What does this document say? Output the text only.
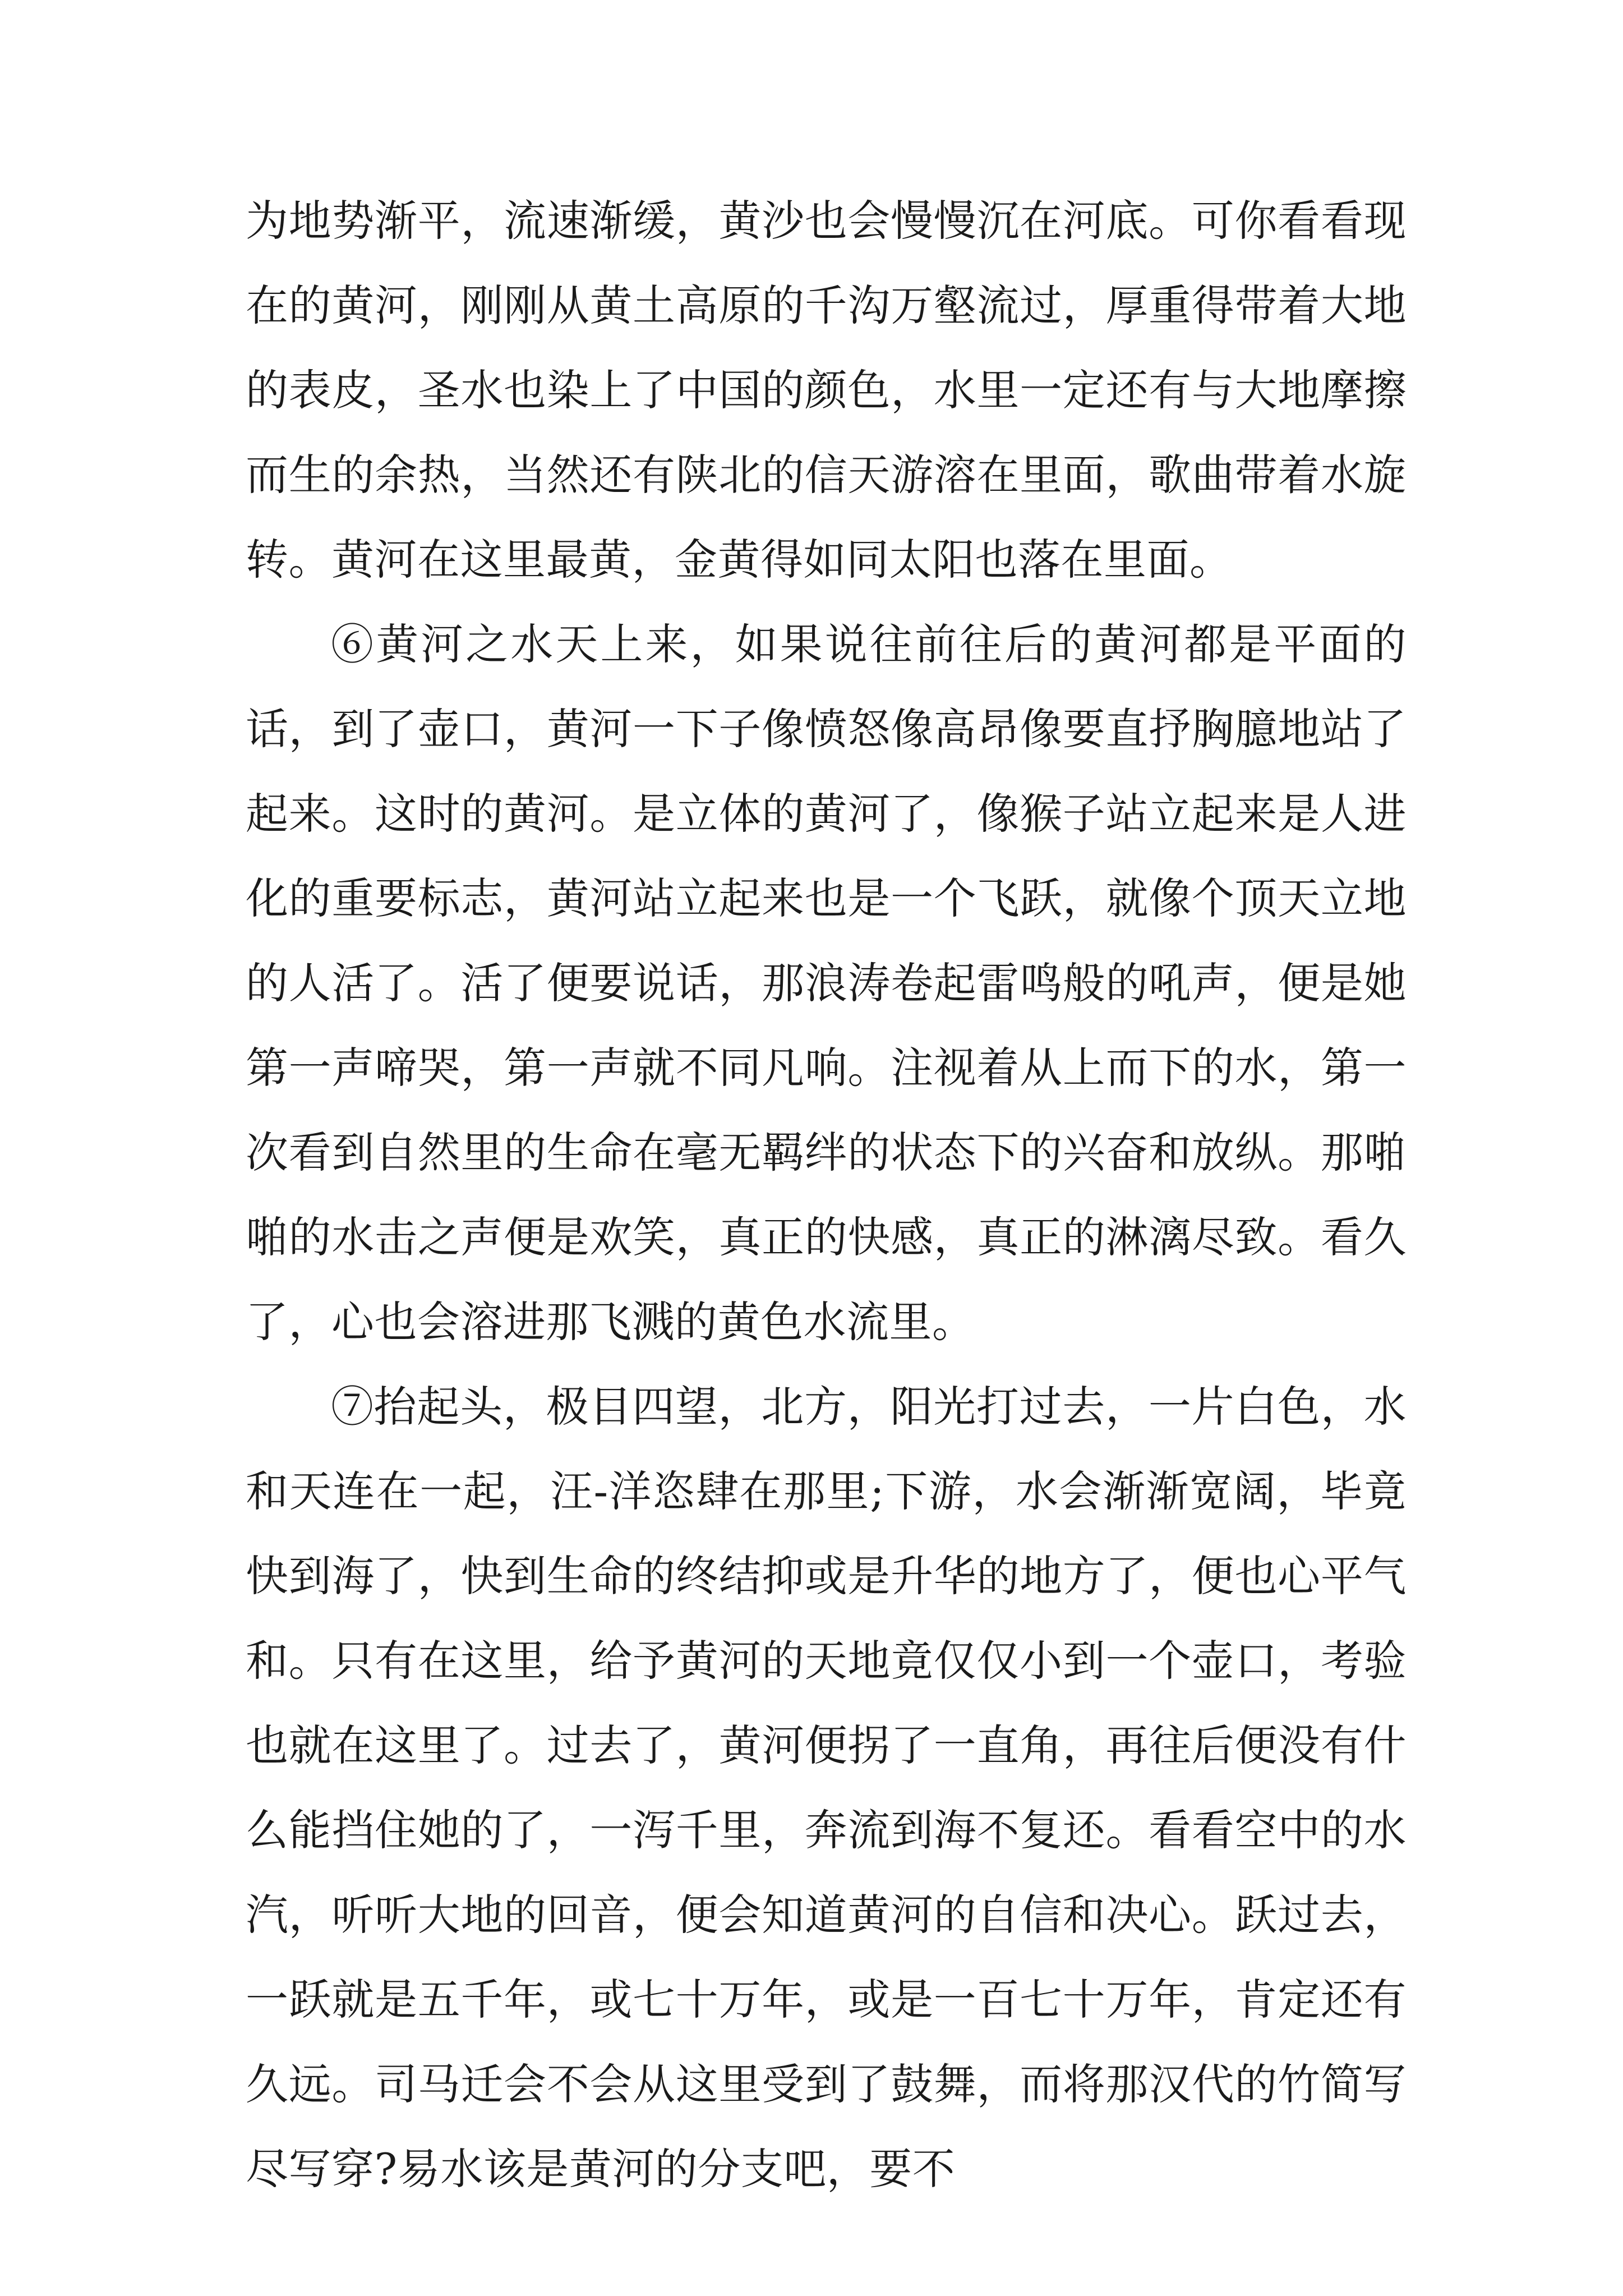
为地势渐平，流速渐缓，黄沙也会慢慢沉在河底。可你看看现在的黄河，刚刚从黄土高原的千沟万壑流过，厚重得带着大地的表皮，圣水也染上了中国的颜色，水里一定还有与大地摩擦而生的余热，当然还有陕北的信天游溶在里面，歌曲带着水旋转。黄河在这里最黄，金黄得如同太阳也落在里面。

⑥黄河之水天上来，如果说往前往后的黄河都是平面的话，到了壶口，黄河一下子像愤怒像高昂像要直抒胸臆地站了起来。这时的黄河。是立体的黄河了，像猴子站立起来是人进化的重要标志，黄河站立起来也是一个飞跃，就像个顶天立地的人活了。活了便要说话，那浪涛卷起雷鸣般的吼声，便是她第一声啼哭，第一声就不同凡响。注视着从上而下的水，第一次看到自然里的生命在毫无羁绊的状态下的兴奋和放纵。那啪啪的水击之声便是欢笑，真正的快感，真正的淋漓尽致。看久了，心也会溶进那飞溅的黄色水流里。

⑦抬起头，极目四望，北方，阳光打过去，一片白色，水和天连在一起，汪-洋恣肆在那里;下游，水会渐渐宽阔，毕竟快到海了，快到生命的终结抑或是升华的地方了，便也心平气和。只有在这里，给予黄河的天地竟仅仅小到一个壶口，考验也就在这里了。过去了，黄河便拐了一直角，再往后便没有什么能挡住她的了，一泻千里，奔流到海不复还。看看空中的水汽，听听大地的回音，便会知道黄河的自信和决心。跃过去，一跃就是五千年，或七十万年，或是一百七十万年，肯定还有久远。司马迁会不会从这里受到了鼓舞，而将那汉代的竹简写尽写穿?易水该是黄河的分支吧，要不
